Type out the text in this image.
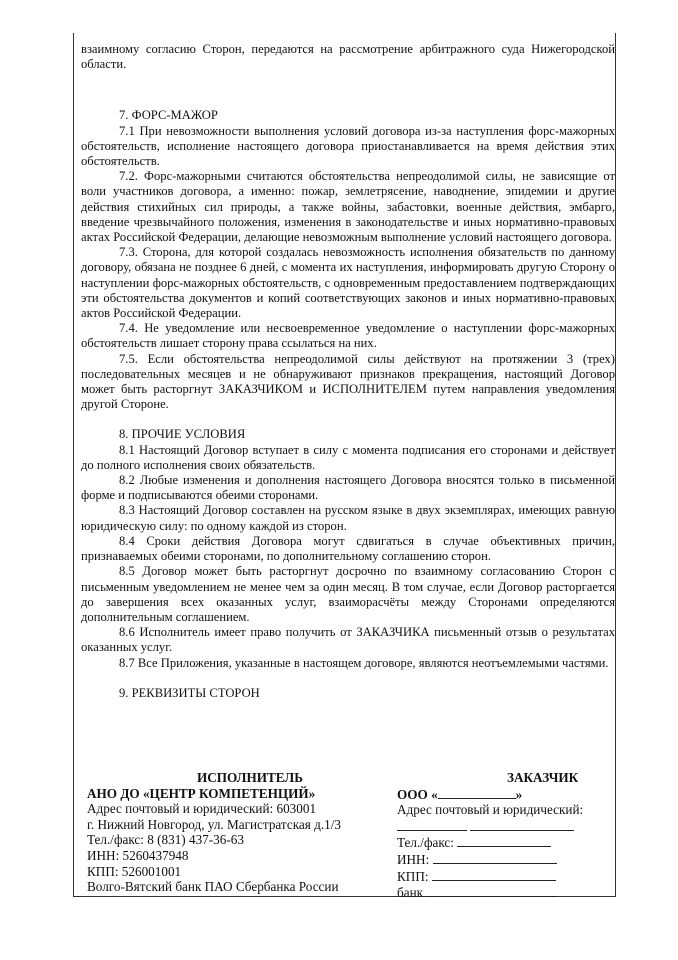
взаимному согласию Сторон, передаются на рассмотрение арбитражного суда Нижегородской области.

7. ФОРС-МАЖОР

7.1 При невозможности выполнения условий договора из-за наступления форс-мажорных обстоятельств, исполнение настоящего договора приостанавливается на время действия этих обстоятельств.

7.2. Форс-мажорными считаются обстоятельства непреодолимой силы, не зависящие от воли участников договора, а именно: пожар, землетрясение, наводнение, эпидемии и другие действия стихийных сил природы, а также войны, забастовки, военные действия, эмбарго, введение чрезвычайного положения, изменения в законодательстве и иных нормативно-правовых актах Российской Федерации, делающие невозможным выполнение условий настоящего договора.

7.3. Сторона, для которой создалась невозможность исполнения обязательств по данному договору, обязана не позднее 6 дней, с момента их наступления, информировать другую Сторону о наступлении форс-мажорных обстоятельств, с одновременным предоставлением подтверждающих эти обстоятельства документов и копий соответствующих законов и иных нормативно-правовых актов Российской Федерации.

7.4. Не уведомление или несвоевременное уведомление о наступлении форс-мажорных обстоятельств лишает сторону права ссылаться на них.

7.5. Если обстоятельства непреодолимой силы действуют на протяжении 3 (трех) последовательных месяцев и не обнаруживают признаков прекращения, настоящий Договор может быть расторгнут ЗАКАЗЧИКОМ и ИСПОЛНИТЕЛЕМ путем направления уведомления другой Стороне.

8. ПРОЧИЕ УСЛОВИЯ

8.1 Настоящий Договор вступает в силу с момента подписания его сторонами и действует до полного исполнения своих обязательств.

8.2 Любые изменения и дополнения настоящего Договора вносятся только в письменной форме и подписываются обеими сторонами.

8.3 Настоящий Договор составлен на русском языке в двух экземплярах, имеющих равную юридическую силу: по одному каждой из сторон.

8.4 Сроки действия Договора могут сдвигаться в случае объективных причин, признаваемых обеими сторонами, по дополнительному соглашению сторон.

8.5 Договор может быть расторгнут досрочно по взаимному согласованию Сторон с письменным уведомлением не менее чем за один месяц. В том случае, если Договор расторгается до завершения всех оказанных услуг, взаиморасчёты между Сторонами определяются дополнительным соглашением.

8.6 Исполнитель имеет право получить от ЗАКАЗЧИКА письменный отзыв о результатах оказанных услуг.

8.7 Все Приложения, указанные в настоящем договоре, являются неотъемлемыми частями.

9. РЕКВИЗИТЫ СТОРОН

ИСПОЛНИТЕЛЬ

АНО ДО «ЦЕНТР КОМПЕТЕНЦИЙ»

Адрес почтовый и юридический: 603001

г. Нижний Новгород, ул. Магистратская д.1/3

Тел./факс: 8 (831) 437-36-63

ИНН: 5260437948

КПП: 526001001

Волго-Вятский банк ПАО Сбербанка России

ЗАКАЗЧИК

ООО «	»

Адрес почтовый и юридический:

Тел./факс:

ИНН:

КПП:

банк
